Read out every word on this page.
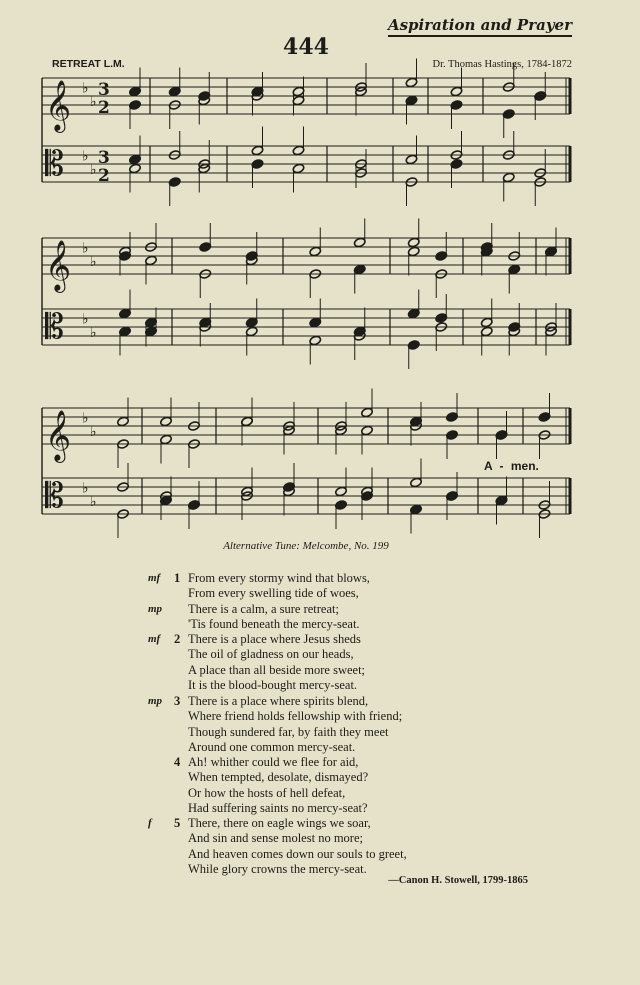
Aspiration and Prayer
444
RETREAT L.M.	Dr. Thomas Hastings, 1784-1872
𝄞 ♭
♭
3
2
𝄡 ♭
♭
3
2
𝄞 ♭
♭
𝄡 ♭
♭
𝄞 ♭
♭
𝄡 ♭
♭
A - men.
Alternative Tune: Melcombe, No. 199
mf	1 From every stormy wind that blows,
From every swelling tide of woes,
mp	There is a calm, a sure retreat;
'Tis found beneath the mercy-seat.
mf	2 There is a place where Jesus sheds
The oil of gladness on our heads,
A place than all beside more sweet;
It is the blood-bought mercy-seat.
mp 3 There is a place where spirits blend,
Where friend holds fellowship with friend;
Though sundered far, by faith they meet
Around one common mercy-seat.
4 Ah! whither could we flee for aid,
When tempted, desolate, dismayed?
Or how the hosts of hell defeat,
Had suffering saints no mercy-seat?
f	5 There, there on eagle wings we soar,
And sin and sense molest no more;
And heaven comes down our souls to greet,
While glory crowns the mercy-seat.
—Canon H. Stowell, 1799-1865
